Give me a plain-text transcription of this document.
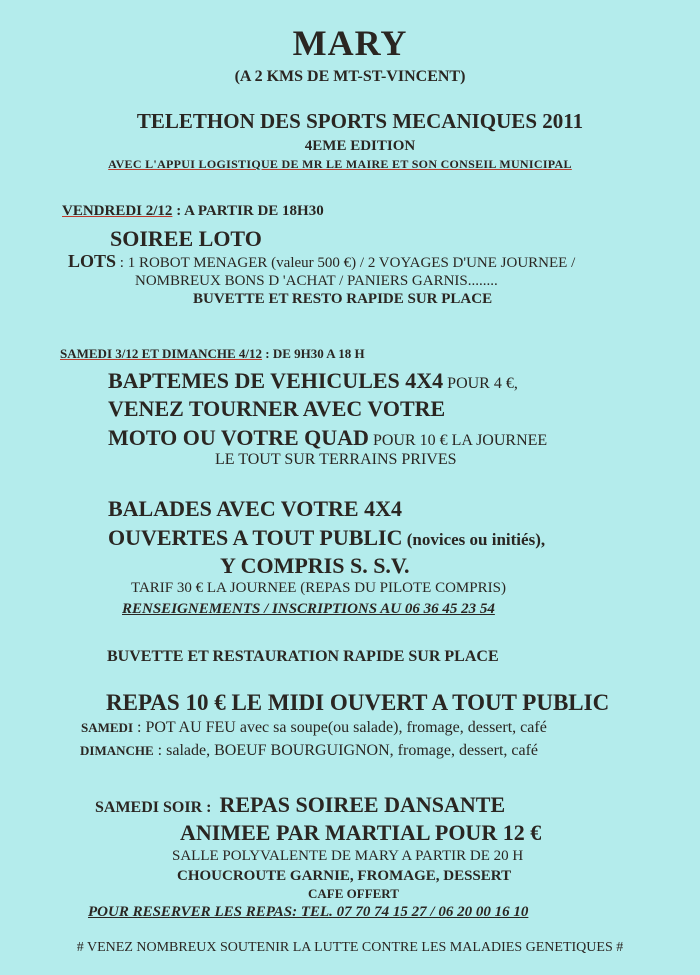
MARY
(A 2 KMS DE MT-ST-VINCENT)
TELETHON DES SPORTS MECANIQUES 2011
4EME EDITION
AVEC L'APPUI LOGISTIQUE DE MR LE MAIRE ET SON CONSEIL MUNICIPAL
VENDREDI 2/12 : A PARTIR DE 18H30
SOIREE LOTO
LOTS : 1 ROBOT MENAGER (valeur 500 €) / 2 VOYAGES D'UNE JOURNEE /
NOMBREUX BONS D 'ACHAT / PANIERS GARNIS........
BUVETTE ET RESTO RAPIDE SUR PLACE
SAMEDI 3/12 ET DIMANCHE 4/12 : DE 9H30 A 18 H
BAPTEMES DE VEHICULES 4X4 POUR 4 €,
VENEZ TOURNER AVEC VOTRE
MOTO OU VOTRE QUAD POUR 10 € LA JOURNEE
LE TOUT SUR TERRAINS PRIVES
BALADES AVEC VOTRE 4X4
OUVERTES A TOUT PUBLIC (novices ou initiés),
Y COMPRIS S. S.V.
TARIF 30 € LA JOURNEE (REPAS DU PILOTE COMPRIS)
RENSEIGNEMENTS / INSCRIPTIONS AU 06 36 45 23 54
BUVETTE ET RESTAURATION RAPIDE SUR PLACE
REPAS 10 € LE MIDI OUVERT A TOUT PUBLIC
SAMEDI : POT AU FEU avec sa soupe(ou salade), fromage, dessert, café
DIMANCHE : salade, BOEUF BOURGUIGNON, fromage, dessert, café
SAMEDI SOIR :  REPAS SOIREE DANSANTE
ANIMEE PAR MARTIAL POUR 12 €
SALLE POLYVALENTE DE MARY A PARTIR DE 20 H
CHOUCROUTE GARNIE, FROMAGE, DESSERT
CAFE OFFERT
POUR RESERVER LES REPAS: TEL. 07 70 74 15 27 / 06 20 00 16 10
# VENEZ NOMBREUX SOUTENIR LA LUTTE CONTRE LES MALADIES GENETIQUES #
